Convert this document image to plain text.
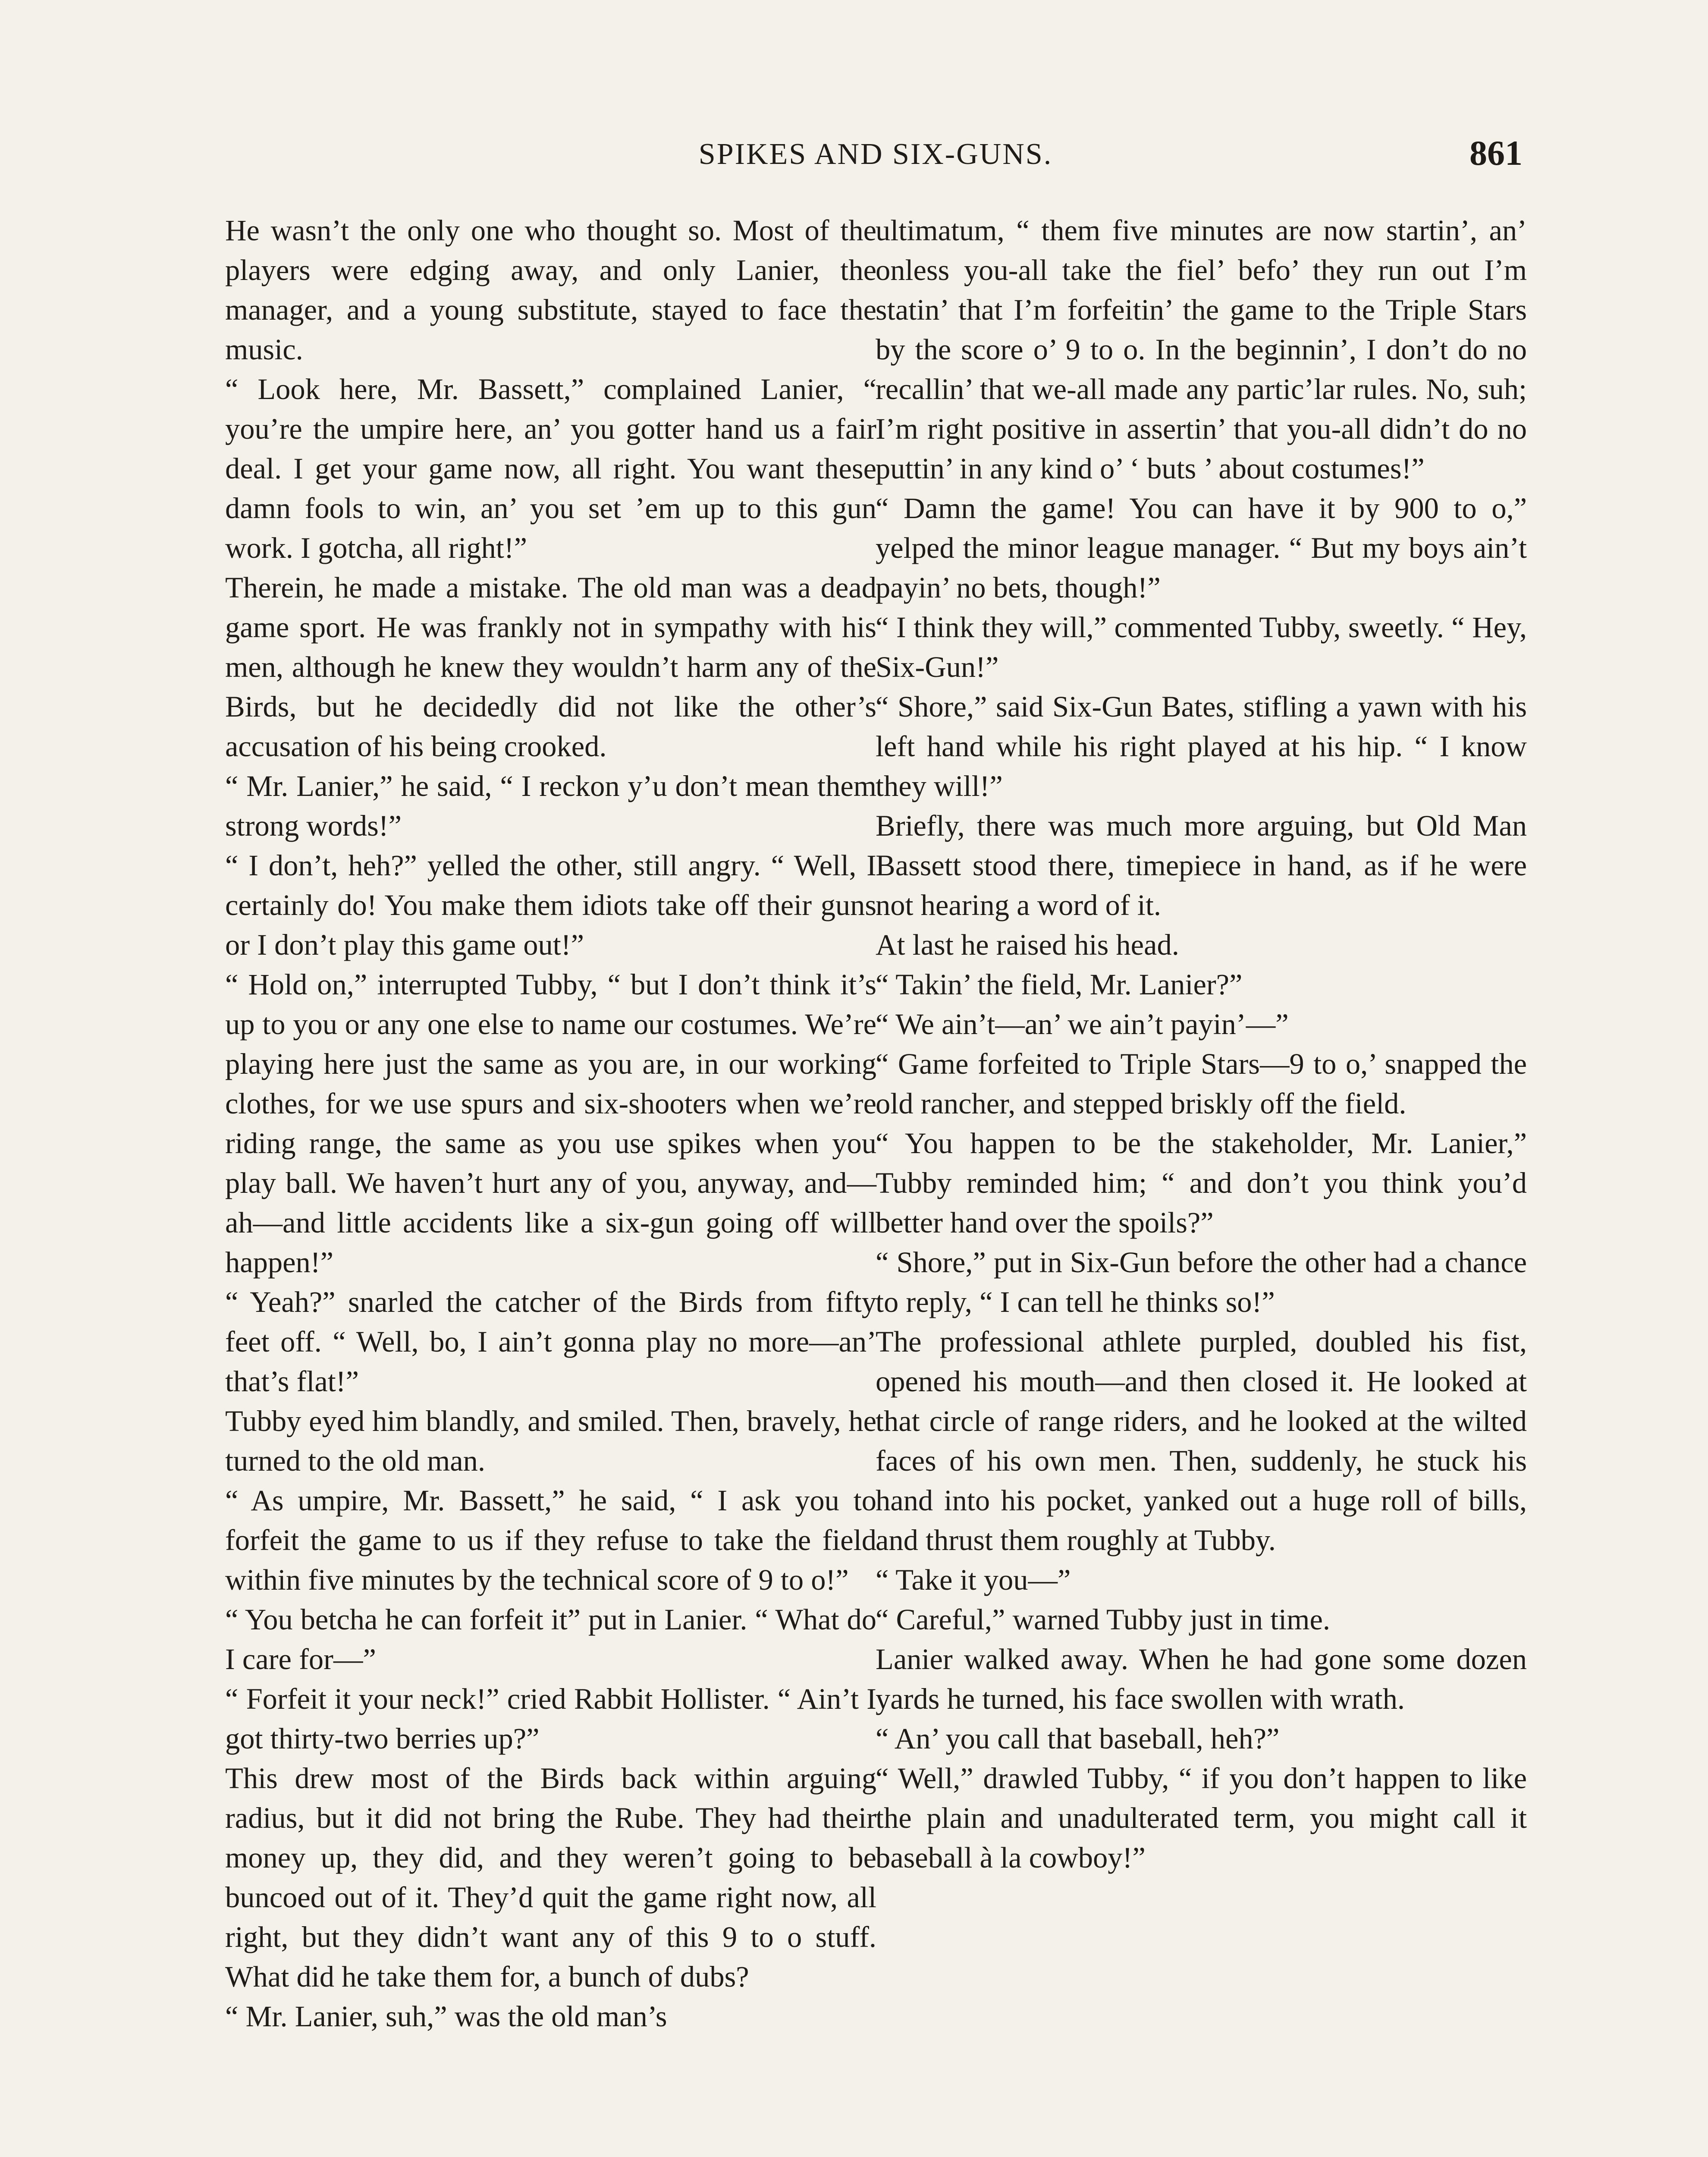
SPIKES AND SIX-GUNS.	861

He wasn’t the only one who thought so. Most of the players were edging away, and only Lanier, the manager, and a young substitute, stayed to face the music.

“ Look here, Mr. Bassett,” complained Lanier, “ you’re the umpire here, an’ you gotter hand us a fair deal. I get your game now, all right. You want these damn fools to win, an’ you set ’em up to this gun work. I gotcha, all right!”

Therein, he made a mistake. The old man was a dead game sport. He was frankly not in sympathy with his men, although he knew they wouldn’t harm any of the Birds, but he decidedly did not like the other’s accusation of his being crooked.

“ Mr. Lanier,” he said, “ I reckon y’u don’t mean them strong words!”

“ I don’t, heh?” yelled the other, still angry. “ Well, I certainly do! You make them idiots take off their guns or I don’t play this game out!”

“ Hold on,” interrupted Tubby, “ but I don’t think it’s up to you or any one else to name our costumes. We’re playing here just the same as you are, in our working clothes, for we use spurs and six-shooters when we’re riding range, the same as you use spikes when you play ball. We haven’t hurt any of you, anyway, and—ah—and little accidents like a six-gun going off will happen!”

“ Yeah?” snarled the catcher of the Birds from fifty feet off. “ Well, bo, I ain’t gonna play no more—an’ that’s flat!”

Tubby eyed him blandly, and smiled. Then, bravely, he turned to the old man.

“ As umpire, Mr. Bassett,” he said, “ I ask you to forfeit the game to us if they refuse to take the field within five minutes by the technical score of 9 to o!”

“ You betcha he can forfeit it” put in Lanier. “ What do I care for—”

“ Forfeit it your neck!” cried Rabbit Hollister. “ Ain’t I got thirty-two berries up?”

This drew most of the Birds back within arguing radius, but it did not bring the Rube. They had their money up, they did, and they weren’t going to be buncoed out of it. They’d quit the game right now, all right, but they didn’t want any of this 9 to o stuff. What did he take them for, a bunch of dubs?

“ Mr. Lanier, suh,” was the old man’s

ultimatum, “ them five minutes are now startin’, an’ onless you-all take the fiel’ befo’ they run out I’m statin’ that I’m forfeitin’ the game to the Triple Stars by the score o’ 9 to o. In the beginnin’, I don’t do no recallin’ that we-all made any partic’lar rules. No, suh; I’m right positive in assertin’ that you-all didn’t do no puttin’ in any kind o’ ‘ buts ’ about costumes!”

“ Damn the game! You can have it by 900 to o,” yelped the minor league manager. “ But my boys ain’t payin’ no bets, though!”

“ I think they will,” commented Tubby, sweetly. “ Hey, Six-Gun!”

“ Shore,” said Six-Gun Bates, stifling a yawn with his left hand while his right played at his hip. “ I know they will!”

Briefly, there was much more arguing, but Old Man Bassett stood there, timepiece in hand, as if he were not hearing a word of it.

At last he raised his head.

“ Takin’ the field, Mr. Lanier?”

“ We ain’t—an’ we ain’t payin’—”

“ Game forfeited to Triple Stars—9 to o,’ snapped the old rancher, and stepped briskly off the field.

“ You happen to be the stakeholder, Mr. Lanier,” Tubby reminded him; “ and don’t you think you’d better hand over the spoils?”

“ Shore,” put in Six-Gun before the other had a chance to reply, “ I can tell he thinks so!”

The professional athlete purpled, doubled his fist, opened his mouth—and then closed it. He looked at that circle of range riders, and he looked at the wilted faces of his own men. Then, suddenly, he stuck his hand into his pocket, yanked out a huge roll of bills, and thrust them roughly at Tubby.

“ Take it you—”

“ Careful,” warned Tubby just in time.

Lanier walked away. When he had gone some dozen yards he turned, his face swollen with wrath.

“ An’ you call that baseball, heh?”

“ Well,” drawled Tubby, “ if you don’t happen to like the plain and unadulterated term, you might call it baseball à la cowboy!”
